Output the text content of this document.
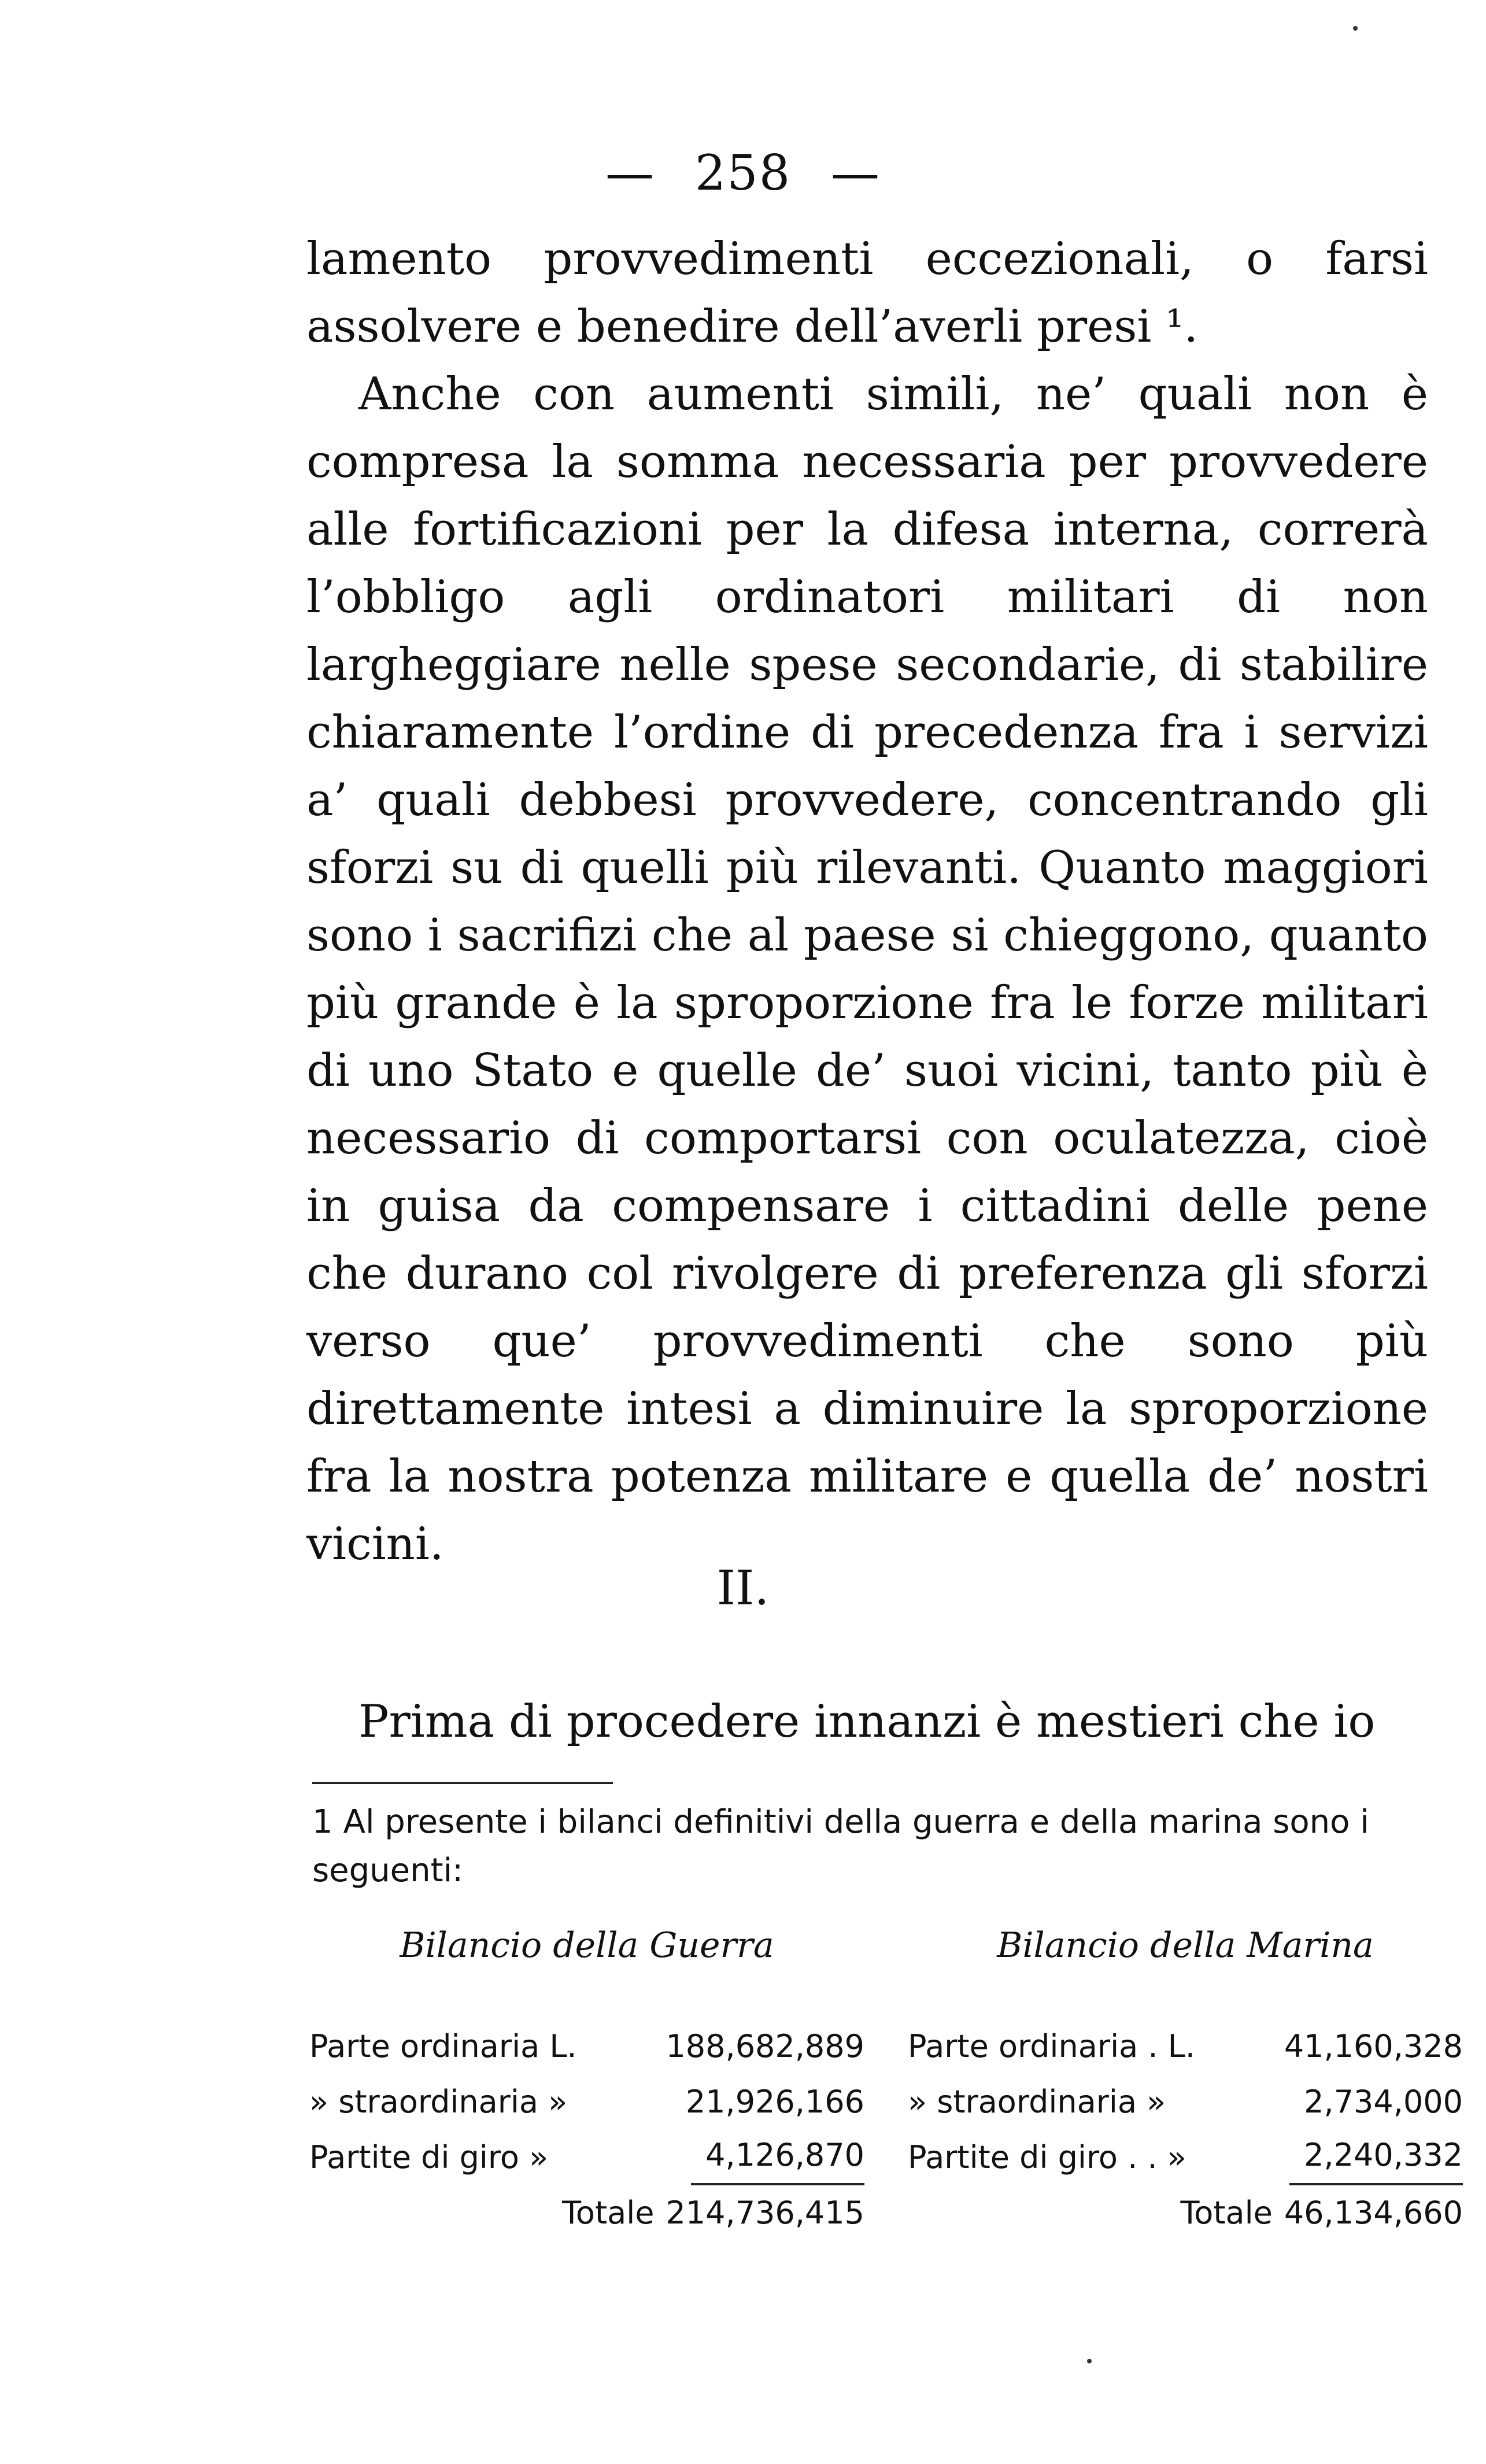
— 258 —

lamento provvedimenti eccezionali, o farsi assolvere e benedire dell’averli presi ¹.

Anche con aumenti simili, ne’ quali non è compresa la somma necessaria per provvedere alle fortificazioni per la difesa interna, correrà l’obbligo agli ordinatori militari di non largheggiare nelle spese secondarie, di stabilire chiaramente l’ordine di precedenza fra i servizi a’ quali debbesi provvedere, concentrando gli sforzi su di quelli più rilevanti. Quanto maggiori sono i sacrifizi che al paese si chieggono, quanto più grande è la sproporzione fra le forze militari di uno Stato e quelle de’ suoi vicini, tanto più è necessario di comportarsi con oculatezza, cioè in guisa da compensare i cittadini delle pene che durano col rivolgere di preferenza gli sforzi verso que’ provvedimenti che sono più direttamente intesi a diminuire la sproporzione fra la nostra potenza militare e quella de’ nostri vicini.

II.
Prima di procedere innanzi è mestieri che io
1 Al presente i bilanci definitivi della guerra e della marina sono i seguenti:
Bilancio della Guerra
Parte ordinaria L.	188,682,889
» straordinaria »	21,926,166
Partite di giro »	4,126,870
Totale 214,736,415
Bilancio della Marina
Parte ordinaria . L.	41,160,328
» straordinaria »	2,734,000
Partite di giro . . »	2,240,332
Totale 46,134,660
